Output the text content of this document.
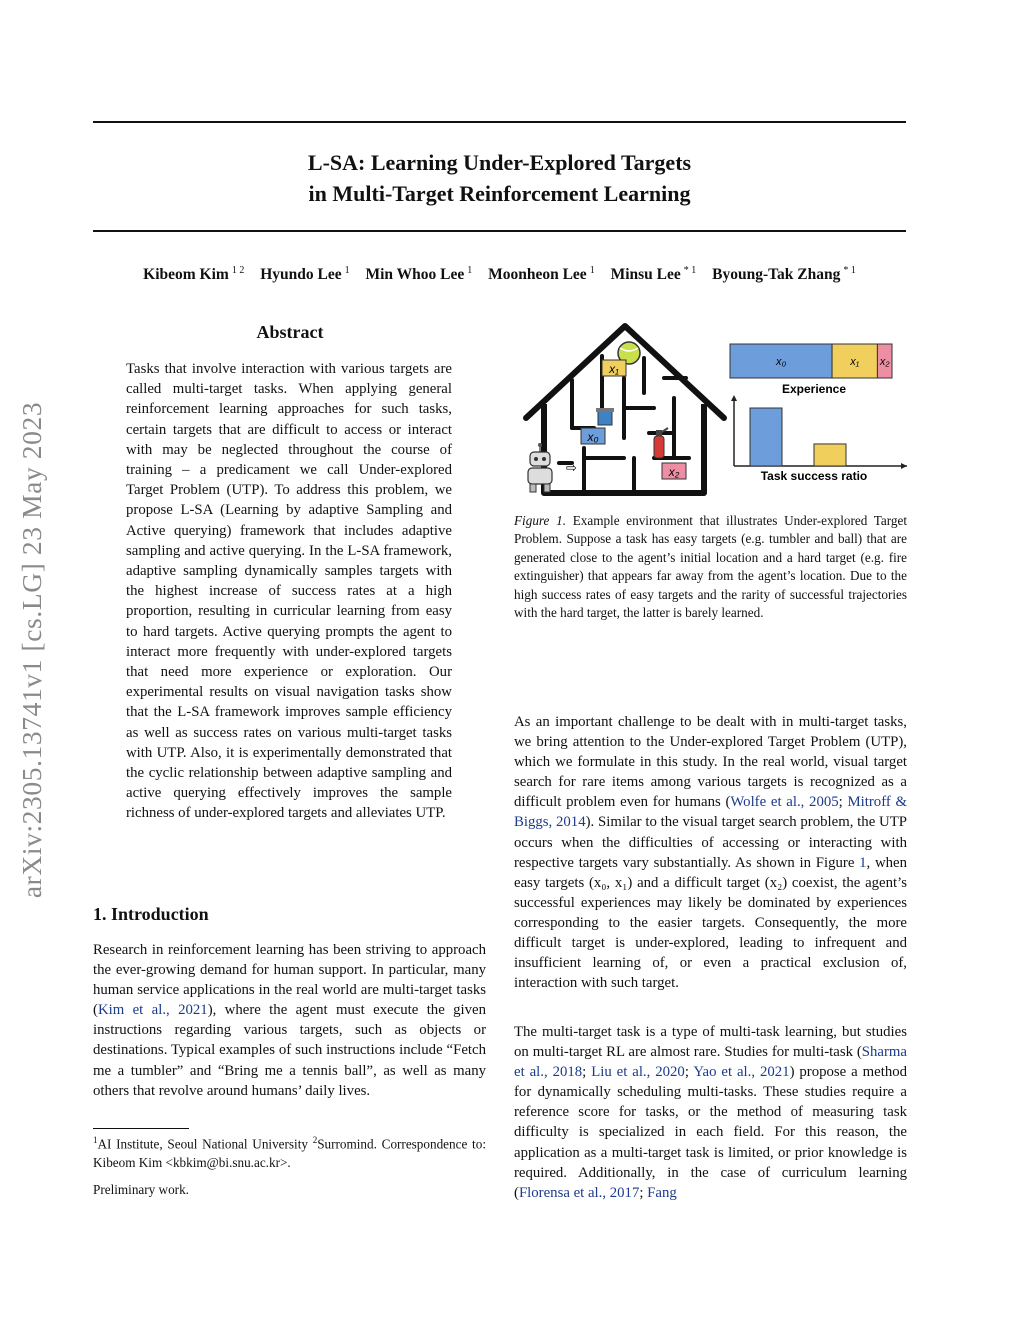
L-SA: Learning Under-Explored Targets
in Multi-Target Reinforcement Learning
Kibeom Kim $^{1 2}$ Hyundo Lee $^1$ Min Whoo Lee $^1$ Moonheon Lee $^1$ Minsu Lee $^{* 1}$ Byoung-Tak Zhang $^{* 1}$
arXiv:2305.13741v1 [cs.LG] 23 May 2023
Abstract
Tasks that involve interaction with various targets are called multi-target tasks. When applying general reinforcement learning approaches for such tasks, certain targets that are difficult to access or interact with may be neglected throughout the course of training – a predicament we call Under-explored Target Problem (UTP). To address this problem, we propose L-SA (Learning by adaptive Sampling and Active querying) framework that includes adaptive sampling and active querying. In the L-SA framework, adaptive sampling dynamically samples targets with the highest increase of success rates at a high proportion, resulting in curricular learning from easy to hard targets. Active querying prompts the agent to interact more frequently with under-explored targets that need more experience or exploration. Our experimental results on visual navigation tasks show that the L-SA framework improves sample efficiency as well as success rates on various multi-target tasks with UTP. Also, it is experimentally demonstrated that the cyclic relationship between adaptive sampling and active querying effectively improves the sample richness of under-explored targets and alleviates UTP.
1. Introduction
Research in reinforcement learning has been striving to approach the ever-growing demand for human support. In particular, many human service applications in the real world are multi-target tasks (Kim et al., 2021), where the agent must execute the given instructions regarding various targets, such as objects or destinations. Typical examples of such instructions include “Fetch me a tumbler” and “Bring me a tennis ball”, as well as many others that revolve around humans’ daily lives.
$^1$AI Institute, Seoul National University $^2$Surromind. Correspondence to: Kibeom Kim <kbkim@bi.snu.ac.kr>.
Preliminary work.
x₁
x₀
x₂
⇨
x₀	x₁ x₂
Experience
Task success ratio
Figure 1. Example environment that illustrates Under-explored Target Problem. Suppose a task has easy targets (e.g. tumbler and ball) that are generated close to the agent’s initial location and a hard target (e.g. fire extinguisher) that appears far away from the agent’s location. Due to the high success rates of easy targets and the rarity of successful trajectories with the hard target, the latter is barely learned.
As an important challenge to be dealt with in multi-target tasks, we bring attention to the Under-explored Target Problem (UTP), which we formulate in this study. In the real world, visual target search for rare items among various targets is recognized as a difficult problem even for humans (Wolfe et al., 2005; Mitroff & Biggs, 2014). Similar to the visual target search problem, the UTP occurs when the difficulties of accessing or interacting with respective targets vary substantially. As shown in Figure 1, when easy targets (x₀, x₁) and a difficult target (x₂) coexist, the agent’s successful experiences may likely be dominated by experiences corresponding to the easier targets. Consequently, the more difficult target is under-explored, leading to infrequent and insufficient learning of, or even a practical exclusion of, interaction with such target.
The multi-target task is a type of multi-task learning, but studies on multi-target RL are almost rare. Studies for multi-task (Sharma et al., 2018; Liu et al., 2020; Yao et al., 2021) propose a method for dynamically scheduling multi-tasks. These studies require a reference score for tasks, or the method of measuring task difficulty is specialized in each field. For this reason, the application as a multi-target task is limited, or prior knowledge is required. Additionally, in the case of curriculum learning (Florensa et al., 2017; Fang
